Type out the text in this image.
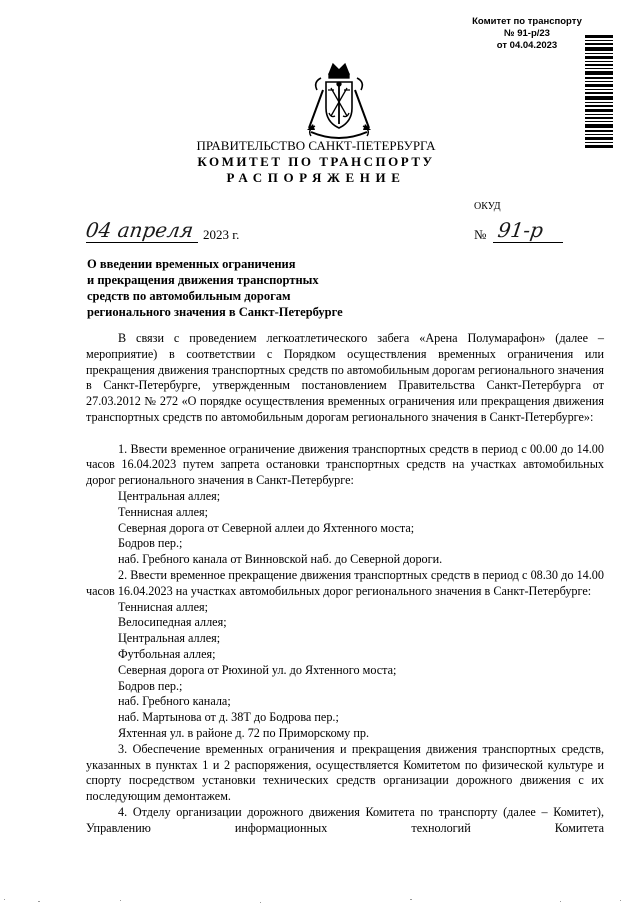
Комитет по транспорту
№ 91-р/23
от 04.04.2023
ПРАВИТЕЛЬСТВО САНКТ-ПЕТЕРБУРГА
КОМИТЕТ ПО ТРАНСПОРТУ
РАСПОРЯЖЕНИЕ
ОКУД
04 апреля 2023 г.	№ 91-р
О введении временных ограничения
и прекращения движения транспортных
средств по автомобильным дорогам
регионального значения в Санкт-Петербурге

В связи с проведением легкоатлетического забега «Арена Полумарафон» (далее – мероприятие) в соответствии с Порядком осуществления временных ограничения или прекращения движения транспортных средств по автомобильным дорогам регионального значения в Санкт-Петербурге, утвержденным постановлением Правительства Санкт-Петербурга от 27.03.2012 № 272 «О порядке осуществления временных ограничения или прекращения движения транспортных средств по автомобильным дорогам регионального значения в Санкт-Петербурге»:

1. Ввести временное ограничение движения транспортных средств в период с 00.00 до 14.00 часов 16.04.2023 путем запрета остановки транспортных средств на участках автомобильных дорог регионального значения в Санкт-Петербурге:

Центральная аллея;

Теннисная аллея;

Северная дорога от Северной аллеи до Яхтенного моста;

Бодров пер.;

наб. Гребного канала от Винновской наб. до Северной дороги.

2. Ввести временное прекращение движения транспортных средств в период с 08.30 до 14.00 часов 16.04.2023 на участках автомобильных дорог регионального значения в Санкт-Петербурге:

Теннисная аллея;

Велосипедная аллея;

Центральная аллея;

Футбольная аллея;

Северная дорога от Рюхиной ул. до Яхтенного моста;

Бодров пер.;

наб. Гребного канала;

наб. Мартынова от д. 38Т до Бодрова пер.;

Яхтенная ул. в районе д. 72 по Приморскому пр.

3. Обеспечение временных ограничения и прекращения движения транспортных средств, указанных в пунктах 1 и 2 распоряжения, осуществляется Комитетом по физической культуре и спорту посредством установки технических средств организации дорожного движения с их последующим демонтажем.

4. Отделу организации дорожного движения Комитета по транспорту (далее – Комитет), Управлению информационных технологий Комитета
